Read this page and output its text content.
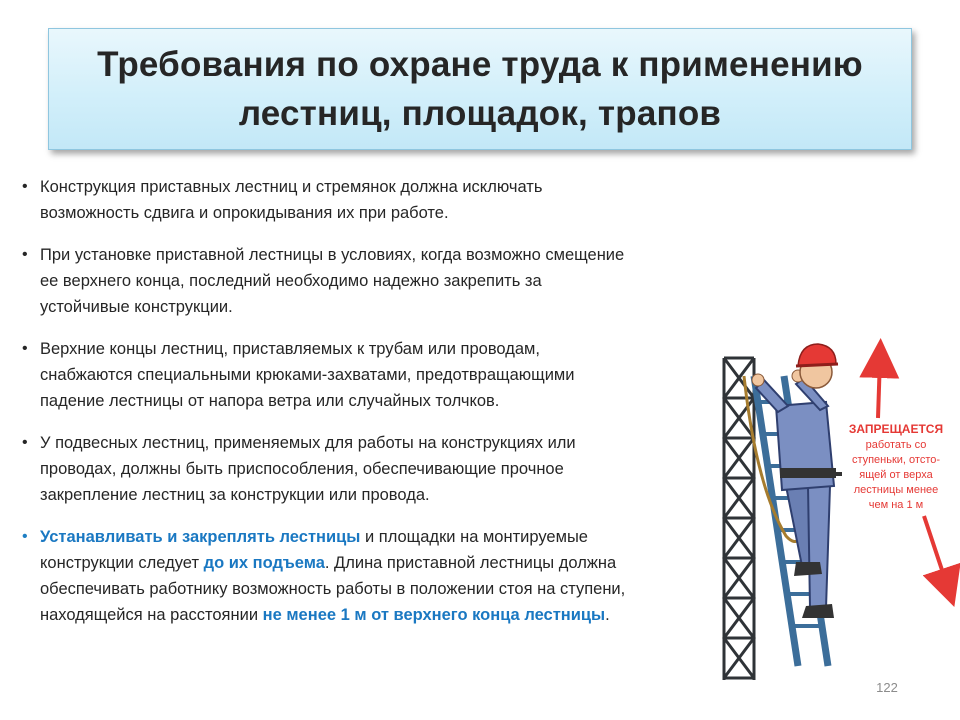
Требования по охране труда к применению
лестниц, площадок, трапов
• Конструкция приставных лестниц и стремянок должна исключать
возможность сдвига и опрокидывания их при работе.
• При установке приставной лестницы в условиях, когда возможно смещение
ее верхнего конца, последний необходимо надежно закрепить за
устойчивые конструкции.
• Верхние концы лестниц, приставляемых к трубам или проводам,
снабжаются специальными крюками-захватами, предотвращающими
падение лестницы от напора ветра или случайных толчков.
• У подвесных лестниц, применяемых для работы на конструкциях или
проводах, должны быть приспособления, обеспечивающие прочное
закрепление лестниц за конструкции или провода.
• Устанавливать и закреплять лестницы и площадки на монтируемые
конструкции следует до их подъема. Длина приставной лестницы должна
обеспечивать работнику возможность работы в положении стоя на ступени,
находящейся на расстоянии не менее 1 м от верхнего конца лестницы.
ЗАПРЕЩАЕТСЯ
работать со
ступеньки, отсто-
ящей от верха
лестницы менее
чем на 1 м
122
